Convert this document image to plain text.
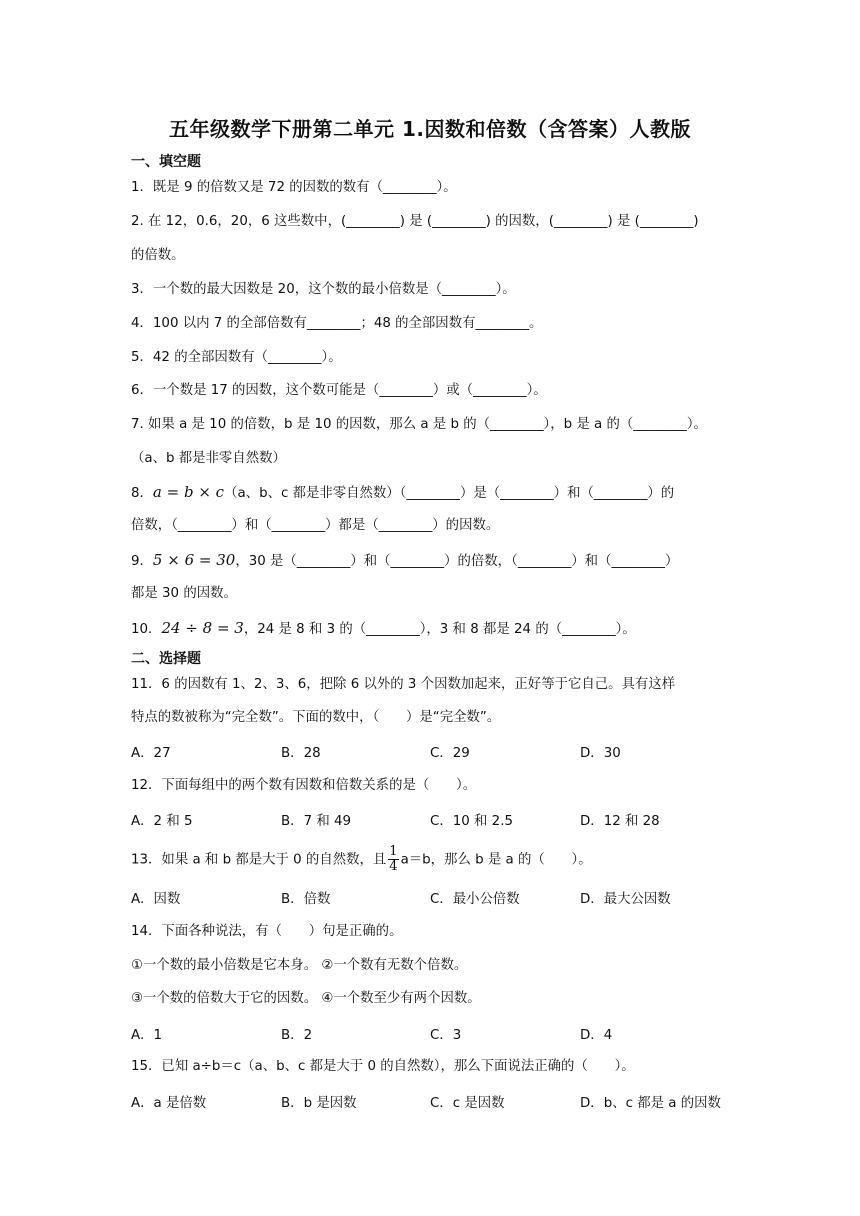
五年级数学下册第二单元 1.因数和倍数（含答案）人教版
一、填空题
1．既是 9 的倍数又是 72 的因数的数有（________）。
2. 在 12，0.6，20，6 这些数中，(________) 是 (________) 的因数，(________) 是 (________)
的倍数。
3．一个数的最大因数是 20，这个数的最小倍数是（________）。
4．100 以内 7 的全部倍数有________；48 的全部因数有________。
5．42 的全部因数有（________）。
6．一个数是 17 的因数，这个数可能是（________）或（________）。
7. 如果 a 是 10 的倍数，b 是 10 的因数，那么 a 是 b 的（________），b 是 a 的（________）。
（a、b 都是非零自然数）
8．a = b × c（a、b、c 都是非零自然数）（________）是（________）和（________）的
倍数，（________）和（________）都是（________）的因数。
9．5 × 6 = 30，30 是（________）和（________）的倍数，（________）和（________）
都是 30 的因数。
10．24 ÷ 8 = 3，24 是 8 和 3 的（________），3 和 8 都是 24 的（________）。
二、选择题
11．6 的因数有 1、2、3、6，把除 6 以外的 3 个因数加起来，正好等于它自己。具有这样
特点的数被称为“完全数”。下面的数中，（　　）是“完全数”。
A．27	B．28	C．29	D．30
12．下面每组中的两个数有因数和倍数关系的是（　　）。
A．2 和 5	B．7 和 49	C．10 和 2.5	D．12 和 28
13．如果 a 和 b 都是大于 0 的自然数，且 $\frac{1}{4} a=b$，那么 b 是 a 的（　　）。
A．因数	B．倍数	C．最小公倍数	D．最大公因数
14．下面各种说法，有（　　）句是正确的。
①一个数的最小倍数是它本身。 ②一个数有无数个倍数。
③一个数的倍数大于它的因数。 ④一个数至少有两个因数。
A．1	B．2	C．3	D．4
15．已知 a÷b＝c（a、b、c 都是大于 0 的自然数），那么下面说法正确的（　　）。
A．a 是倍数	B．b 是因数	C．c 是因数	D．b、c 都是 a 的因数
